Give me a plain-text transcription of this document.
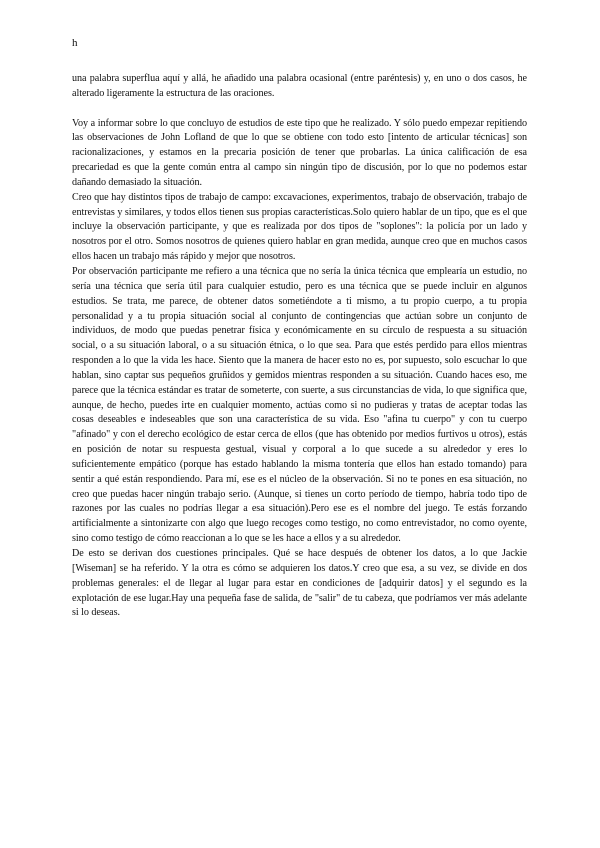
h

una palabra superflua aquí y allá, he añadido una palabra ocasional (entre paréntesis) y, en uno o dos casos, he alterado ligeramente la estructura de las oraciones.

Voy a informar sobre lo que concluyo de estudios de este tipo que he realizado. Y sólo puedo empezar repitiendo las observaciones de John Lofland de que lo que se obtiene con todo esto [intento de articular técnicas] son racionalizaciones, y estamos en la precaria posición de tener que probarlas. La única calificación de esa precariedad es que la gente común entra al campo sin ningún tipo de discusión, por lo que no podemos estar dañando demasiado la situación.

Creo que hay distintos tipos de trabajo de campo: excavaciones, experimentos, trabajo de observación, trabajo de entrevistas y similares, y todos ellos tienen sus propias características.Solo quiero hablar de un tipo, que es el que incluye la observación participante, y que es realizada por dos tipos de "soplones": la policía por un lado y nosotros por el otro. Somos nosotros de quienes quiero hablar en gran medida, aunque creo que en muchos casos ellos hacen un trabajo más rápido y mejor que nosotros.

Por observación participante me refiero a una técnica que no sería la única técnica que emplearía un estudio, no sería una técnica que sería útil para cualquier estudio, pero es una técnica que se puede incluir en algunos estudios. Se trata, me parece, de obtener datos sometiéndote a ti mismo, a tu propio cuerpo, a tu propia personalidad y a tu propia situación social al conjunto de contingencias que actúan sobre un conjunto de individuos, de modo que puedas penetrar física y económicamente en su círculo de respuesta a su situación social, o a su situación laboral, o a su situación étnica, o lo que sea. Para que estés perdido para ellos mientras responden a lo que la vida les hace. Siento que la manera de hacer esto no es, por supuesto, solo escuchar lo que hablan, sino captar sus pequeños gruñidos y gemidos mientras responden a su situación. Cuando haces eso, me parece que la técnica estándar es tratar de someterte, con suerte, a sus circunstancias de vida, lo que significa que, aunque, de hecho, puedes irte en cualquier momento, actúas como si no pudieras y tratas de aceptar todas las cosas deseables e indeseables que son una característica de su vida. Eso "afina tu cuerpo" y con tu cuerpo "afinado" y con el derecho ecológico de estar cerca de ellos (que has obtenido por medios furtivos u otros), estás en posición de notar su respuesta gestual, visual y corporal a lo que sucede a su alrededor y eres lo suficientemente empático (porque has estado hablando la misma tontería que ellos han estado tomando) para sentir a qué están respondiendo. Para mí, ese es el núcleo de la observación. Si no te pones en esa situación, no creo que puedas hacer ningún trabajo serio. (Aunque, si tienes un corto período de tiempo, habría todo tipo de razones por las cuales no podrías llegar a esa situación).Pero ese es el nombre del juego. Te estás forzando artificialmente a sintonizarte con algo que luego recoges como testigo, no como entrevistador, no como oyente, sino como testigo de cómo reaccionan a lo que se les hace a ellos y a su alrededor.

De esto se derivan dos cuestiones principales. Qué se hace después de obtener los datos, a lo que Jackie [Wiseman] se ha referido. Y la otra es cómo se adquieren los datos.Y creo que esa, a su vez, se divide en dos problemas generales: el de llegar al lugar para estar en condiciones de [adquirir datos] y el segundo es la explotación de ese lugar.Hay una pequeña fase de salida, de "salir" de tu cabeza, que podríamos ver más adelante si lo deseas.
